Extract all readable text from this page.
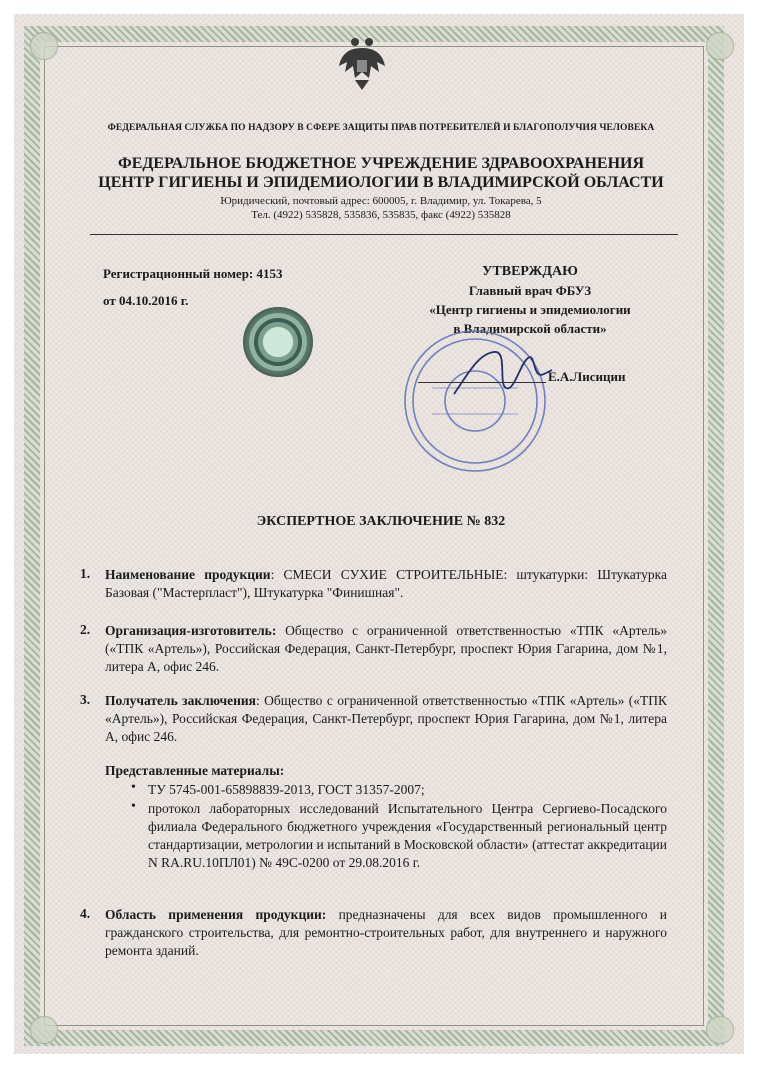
ФЕДЕРАЛЬНАЯ СЛУЖБА ПО НАДЗОРУ В СФЕРЕ ЗАЩИТЫ ПРАВ ПОТРЕБИТЕЛЕЙ И БЛАГОПОЛУЧИЯ ЧЕЛОВЕКА
ФЕДЕРАЛЬНОЕ БЮДЖЕТНОЕ УЧРЕЖДЕНИЕ ЗДРАВООХРАНЕНИЯ
ЦЕНТР ГИГИЕНЫ И ЭПИДЕМИОЛОГИИ В ВЛАДИМИРСКОЙ ОБЛАСТИ
Юридический, почтовый адрес: 600005, г. Владимир, ул. Токарева, 5
Тел. (4922) 535828, 535836, 535835, факс (4922) 535828
Регистрационный номер: 4153
от 04.10.2016 г.
УТВЕРЖДАЮ
Главный врач ФБУЗ
«Центр гигиены и эпидемиологии
в Владимирской области»
Е.А.Лисицин
ЭКСПЕРТНОЕ ЗАКЛЮЧЕНИЕ № 832
1. Наименование продукции: СМЕСИ СУХИЕ СТРОИТЕЛЬНЫЕ: штукатурки: Штукатурка Базовая ("Мастерпласт"), Штукатурка "Финишная".
2. Организация-изготовитель: Общество с ограниченной ответственностью «ТПК «Артель» («ТПК «Артель»), Российская Федерация, Санкт-Петербург, проспект Юрия Гагарина, дом №1, литера А, офис 246.
3. Получатель заключения: Общество с ограниченной ответственностью «ТПК «Артель» («ТПК «Артель»), Российская Федерация, Санкт-Петербург, проспект Юрия Гагарина, дом №1, литера А, офис 246.
Представленные материалы:
• ТУ 5745-001-65898839-2013, ГОСТ 31357-2007;
• протокол лабораторных исследований Испытательного Центра Сергиево-Посадского филиала Федерального бюджетного учреждения «Государственный региональный центр стандартизации, метрологии и испытаний в Московской области» (аттестат аккредитации N RA.RU.10ПЛ01) № 49С-0200 от 29.08.2016 г.
4. Область применения продукции: предназначены для всех видов промышленного и гражданского строительства, для ремонтно-строительных работ, для внутреннего и наружного ремонта зданий.
